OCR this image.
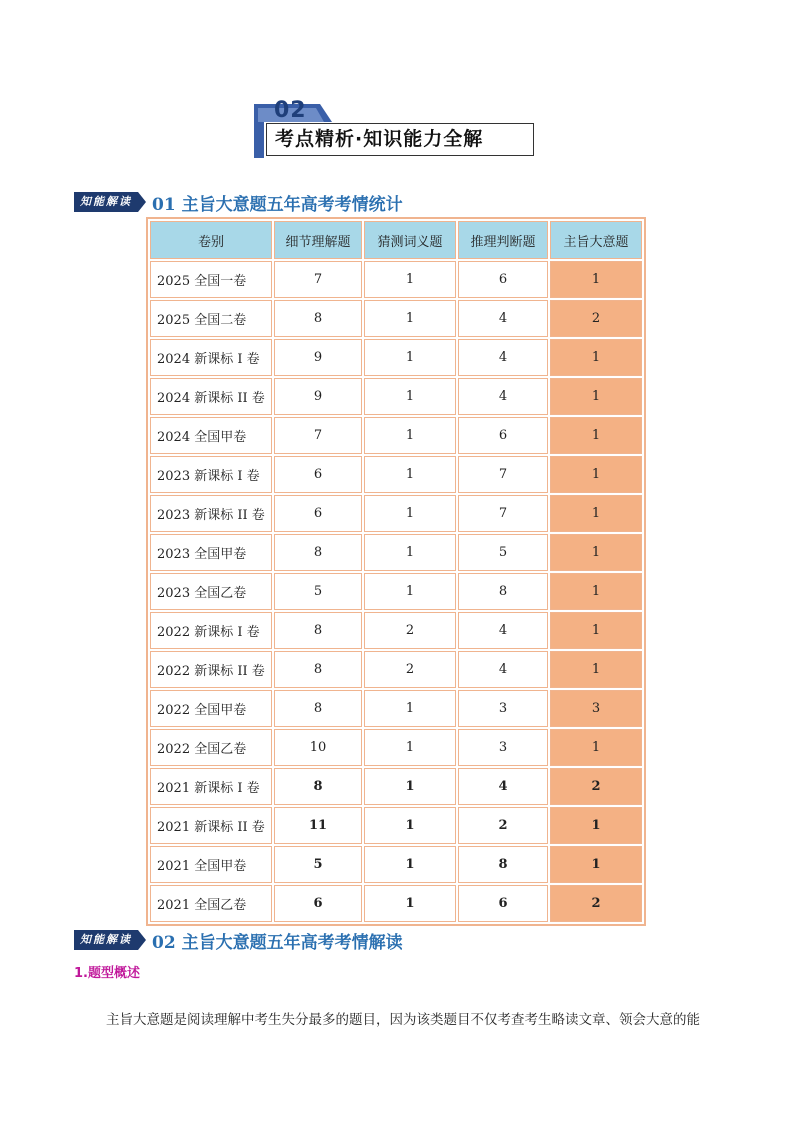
02
考点精析·知识能力全解
知能解读	01 主旨大意题五年高考考情统计
卷别	细节理解题	猜测词义题	推理判断题	主旨大意题
2025 全国一卷	7	1	6	1
2025 全国二卷	8	1	4	2
2024 新课标 I 卷	9	1	4	1
2024 新课标 II 卷	9	1	4	1
2024 全国甲卷	7	1	6	1
2023 新课标 I 卷	6	1	7	1
2023 新课标 II 卷	6	1	7	1
2023 全国甲卷	8	1	5	1
2023 全国乙卷	5	1	8	1
2022 新课标 I 卷	8	2	4	1
2022 新课标 II 卷	8	2	4	1
2022 全国甲卷	8	1	3	3
2022 全国乙卷	10	1	3	1
2021 新课标 I 卷	8	1	4	2
2021 新课标 II 卷	11	1	2	1
2021 全国甲卷	5	1	8	1
2021 全国乙卷	6	1	6	2
知能解读	02 主旨大意题五年高考考情解读
1.题型概述
主旨大意题是阅读理解中考生失分最多的题目，因为该类题目不仅考查考生略读文章、领会大意的能
